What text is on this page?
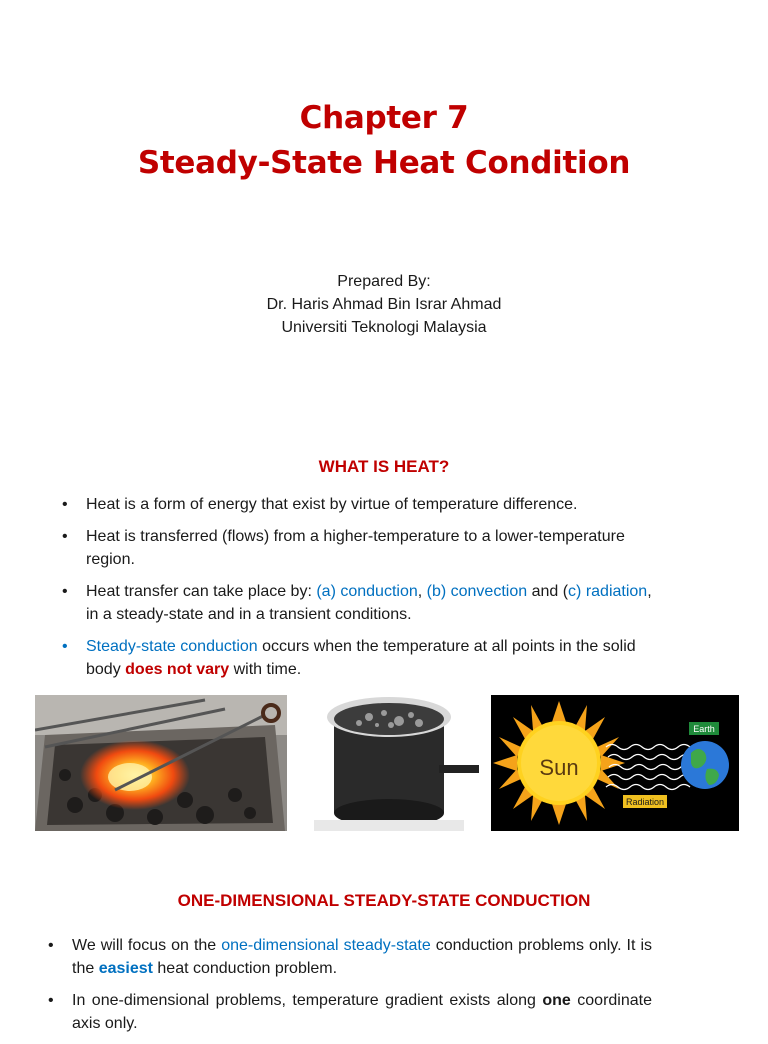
Chapter 7
Steady-State Heat Condition
Prepared By:
Dr. Haris Ahmad Bin Israr Ahmad
Universiti Teknologi Malaysia
WHAT IS HEAT?
• Heat is a form of energy that exist by virtue of temperature difference.
• Heat is transferred (flows) from a higher-temperature to a lower-temperature region.
• Heat transfer can take place by: (a) conduction, (b) convection and (c) radiation, in a steady-state and in a transient conditions.
• Steady-state conduction occurs when the temperature at all points in the solid body does not vary with time.
Sun
Earth
Radiation
ONE-DIMENSIONAL STEADY-STATE CONDUCTION
• We will focus on the one-dimensional steady-state conduction problems only. It is the easiest heat conduction problem.
• In one-dimensional problems, temperature gradient exists along one coordinate axis only.
